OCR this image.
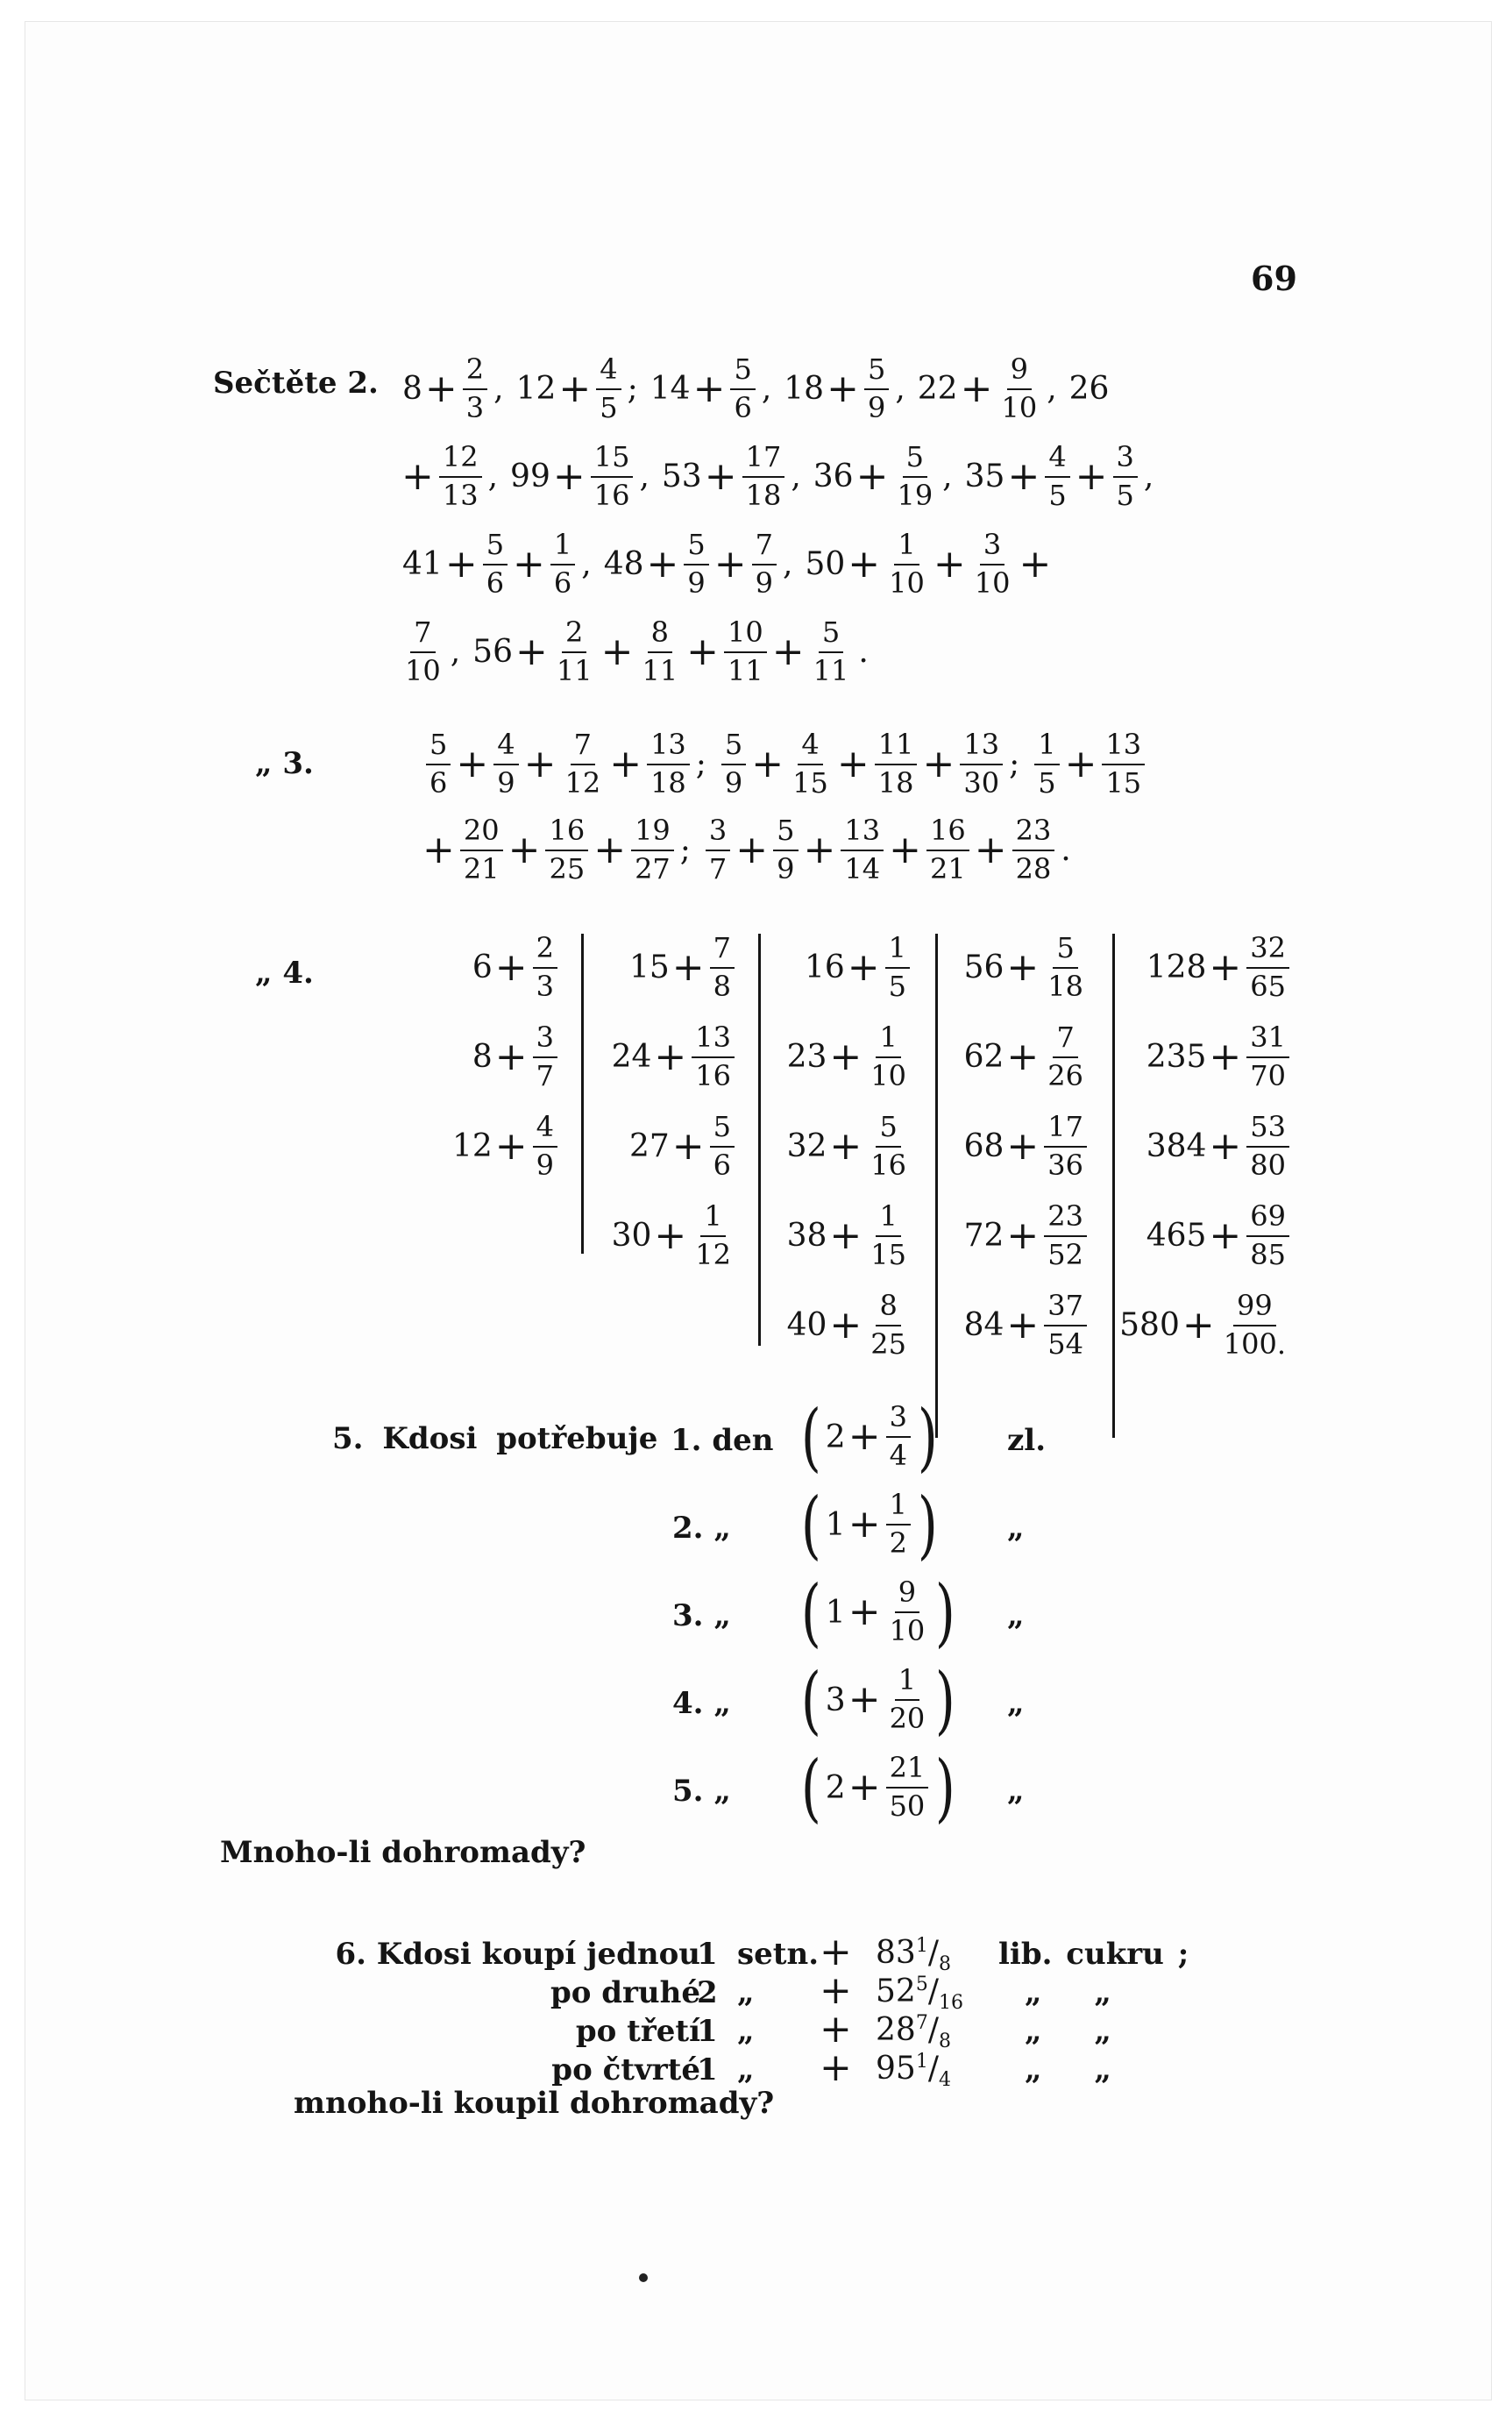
69
Sečtěte 2. $8 + \frac{2}{3}$ , $12 + \frac{4}{5}$ ; $14 + \frac{5}{6}$ , $18 + \frac{5}{9}$ , $22 + \frac{9}{10}$ , 26
+ $\frac{12}{13}$ , $99 + \frac{15}{16}$ , $53 + \frac{17}{18}$ , $36 + \frac{5}{19}$ , $35 + \frac{4}{5} + \frac{3}{5}$ ,
$41 + \frac{5}{6} + \frac{1}{6}$ , $48 + \frac{5}{9} + \frac{7}{9}$ , $50 + \frac{1}{10} + \frac{3}{10}$ +
$\frac{7}{10}$ , $56 + \frac{2}{11} + \frac{8}{11} + \frac{10}{11} + \frac{5}{11}$ .
„ 3.	$\frac{5}{6} + \frac{4}{9} + \frac{7}{12} + \frac{13}{18}$ ; $\frac{5}{9} + \frac{4}{15} + \frac{11}{18} + \frac{13}{30}$ ; $\frac{1}{5} + \frac{13}{15}$
+ $\frac{20}{21} + \frac{16}{25} + \frac{19}{27}$ ; $\frac{3}{7} + \frac{5}{9} + \frac{13}{14} + \frac{16}{21} + \frac{23}{28}$ .
„ 4.	$6 + \frac{2}{3}$
$8 + \frac{3}{7}$
$12 + \frac{4}{9}$
$15 + \frac{7}{8}$
$24 + \frac{13}{16}$
$27 + \frac{5}{6}$
$30 + \frac{1}{12}$
$16 + \frac{1}{5}$
$23 + \frac{1}{10}$
$32 + \frac{5}{16}$
$38 + \frac{1}{15}$
$40 + \frac{8}{25}$
$56 + \frac{5}{18}$
$62 + \frac{7}{26}$
$68 + \frac{17}{36}$
$72 + \frac{23}{52}$
$84 + \frac{37}{54}$
$128 + \frac{32}{65}$
$235 + \frac{31}{70}$
$384 + \frac{53}{80}$
$465 + \frac{69}{85}$
$580 + \frac{99}{100.}$
5. Kdosi potřebuje 1. den ( $2 + \frac{3}{4}$ ) zl.
2. „ ( $1 + \frac{1}{2}$ ) „
3. „ ( $1 + \frac{9}{10}$ ) „
4. „ ( $3 + \frac{1}{20}$ ) „
5. „ ( $2 + \frac{21}{50}$ ) „
Mnoho-li dohromady?
6. Kdosi koupí jednou
1 setn. + $83^1/_8$ lib. cukru ;
po druhé
2 „ + $52^5/_{16}$ „ „
po třetí
1 „ + $28^7/_8$ „ „
po čtvrté
1 „ + $95^1/_4$ „ „
mnoho-li koupil dohromady?
